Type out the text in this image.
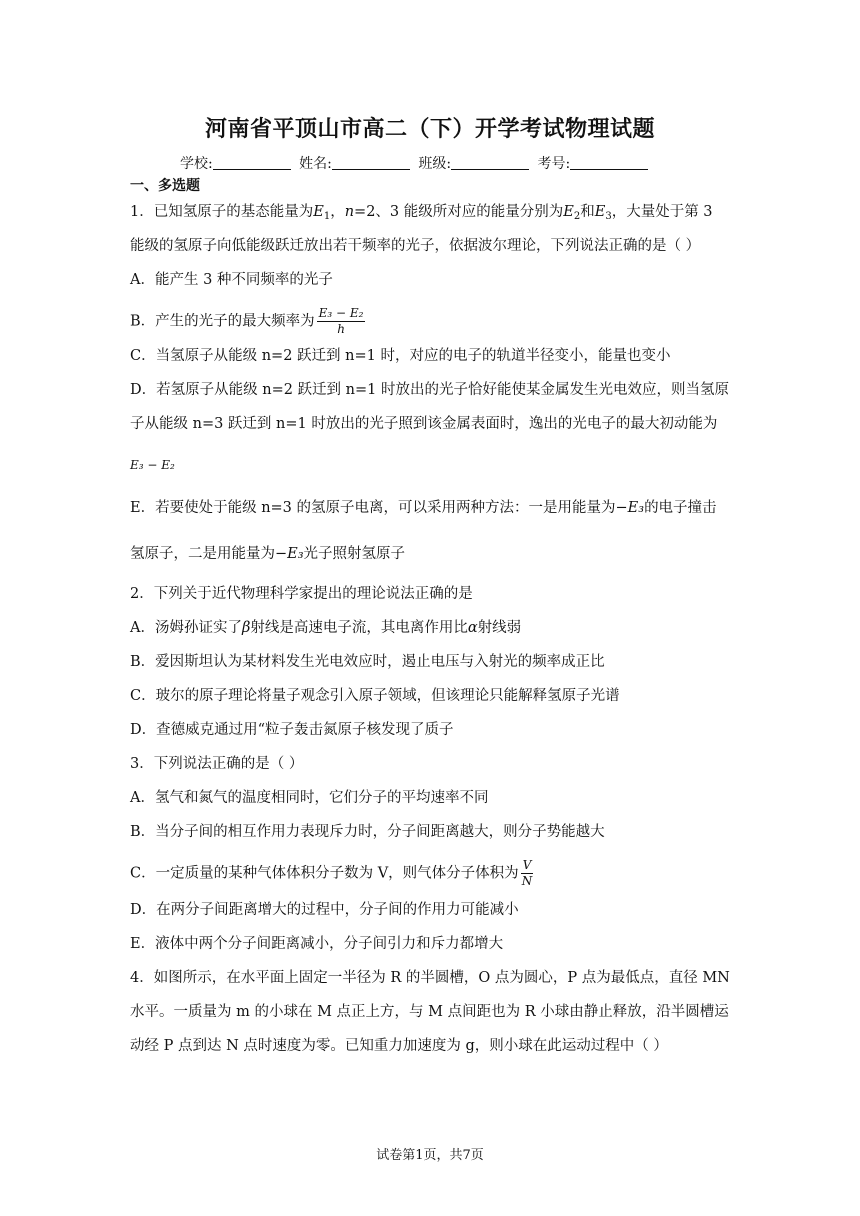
河南省平顶山市高二（下）开学考试物理试题
学校:	姓名:	班级:	考号:
一、多选题
1．已知氢原子的基态能量为$E_1$，n=2、3 能级所对应的能量分别为$E_2$和$E_3$，大量处于第 3
能级的氢原子向低能级跃迁放出若干频率的光子，依据波尔理论，下列说法正确的是（ ）
A．能产生 3 种不同频率的光子
B．产生的光子的最大频率为 $\frac{\text{E₃ − E₂}}{h}$
C．当氢原子从能级 n=2 跃迁到 n=1 时，对应的电子的轨道半径变小，能量也变小
D．若氢原子从能级 n=2 跃迁到 n=1 时放出的光子恰好能使某金属发生光电效应，则当氢原
子从能级 n=3 跃迁到 n=1 时放出的光子照到该金属表面时，逸出的光电子的最大初动能为
E₃ − E₂
E．若要使处于能级 n=3 的氢原子电离，可以采用两种方法：一是用能量为−E₃的电子撞击
氢原子，二是用能量为−E₃光子照射氢原子
2．下列关于近代物理科学家提出的理论说法正确的是
A．汤姆孙证实了β射线是高速电子流，其电离作用比α射线弱
B．爱因斯坦认为某材料发生光电效应时，遏止电压与入射光的频率成正比
C．玻尔的原子理论将量子观念引入原子领域，但该理论只能解释氢原子光谱
D．查德威克通过用“粒子轰击氮原子核发现了质子
3．下列说法正确的是（ ）
A．氢气和氮气的温度相同时，它们分子的平均速率不同
B．当分子间的相互作用力表现斥力时，分子间距离越大，则分子势能越大
C．一定质量的某种气体体积分子数为 V，则气体分子体积为 $\frac{V}{N}$
D．在两分子间距离增大的过程中，分子间的作用力可能减小
E．液体中两个分子间距离减小，分子间引力和斥力都增大
4．如图所示，在水平面上固定一半径为 R 的半圆槽，O 点为圆心，P 点为最低点，直径 MN
水平。一质量为 m 的小球在 M 点正上方，与 M 点间距也为 R 小球由静止释放，沿半圆槽运
动经 P 点到达 N 点时速度为零。已知重力加速度为 g，则小球在此运动过程中（ ）
试卷第1页，共7页
